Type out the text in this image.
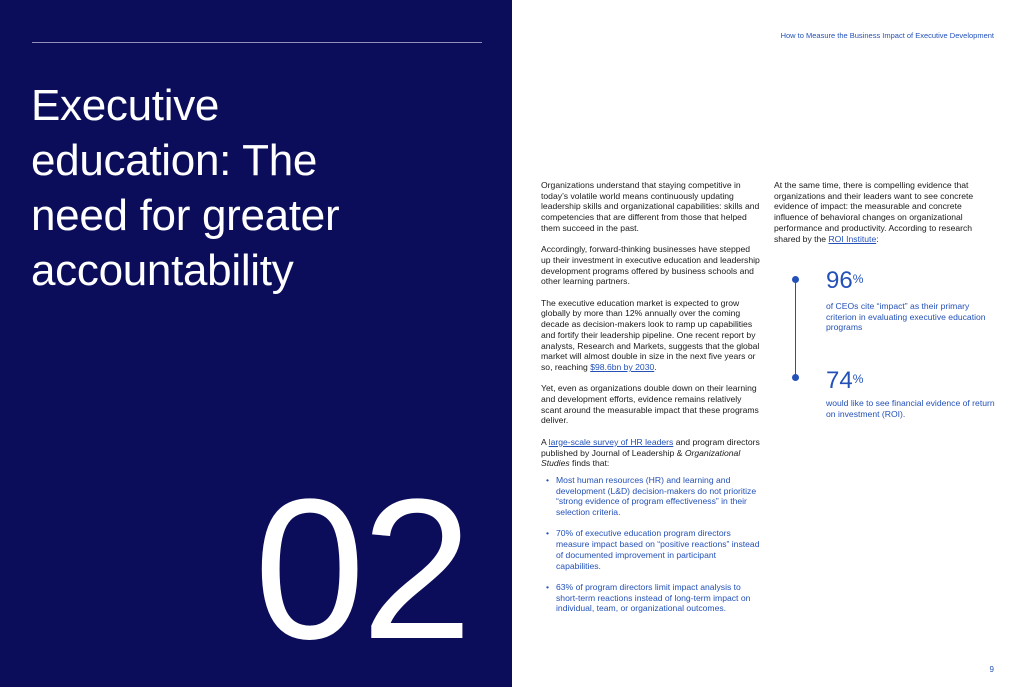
Executive
education: The
need for greater
accountability
02
How to Measure the Business Impact of Executive Development

Organizations understand that staying competitive in today’s volatile world means continuously updating leadership skills and organizational capabilities: skills and competencies that are different from those that helped them succeed in the past.

Accordingly, forward-thinking businesses have stepped up their investment in executive education and leadership development programs offered by business schools and other learning partners.

The executive education market is expected to grow globally by more than 12% annually over the coming decade as decision-makers look to ramp up capabilities and fortify their leadership pipeline. One recent report by analysts, Research and Markets, suggests that the global market will almost double in size in the next five years or so, reaching $98.6bn by 2030.

Yet, even as organizations double down on their learning and development efforts, evidence remains relatively scant around the measurable impact that these programs deliver.

A large-scale survey of HR leaders and program directors published by Journal of Leadership & Organizational Studies finds that:

• Most human resources (HR) and learning and development (L&D) decision-makers do not prioritize “strong evidence of program effectiveness” in their selection criteria.
• 70% of executive education program directors measure impact based on “positive reactions” instead of documented improvement in participant capabilities.
• 63% of program directors limit impact analysis to short-term reactions instead of long-term impact on individual, team, or organizational outcomes.

At the same time, there is compelling evidence that organizations and their leaders want to see concrete evidence of impact: the measurable and concrete influence of behavioral changes on organizational performance and productivity. According to research shared by the ROI Institute:

96%
of CEOs cite “impact” as their primary criterion in evaluating executive education programs
74%
would like to see financial evidence of return on investment (ROI).
9
